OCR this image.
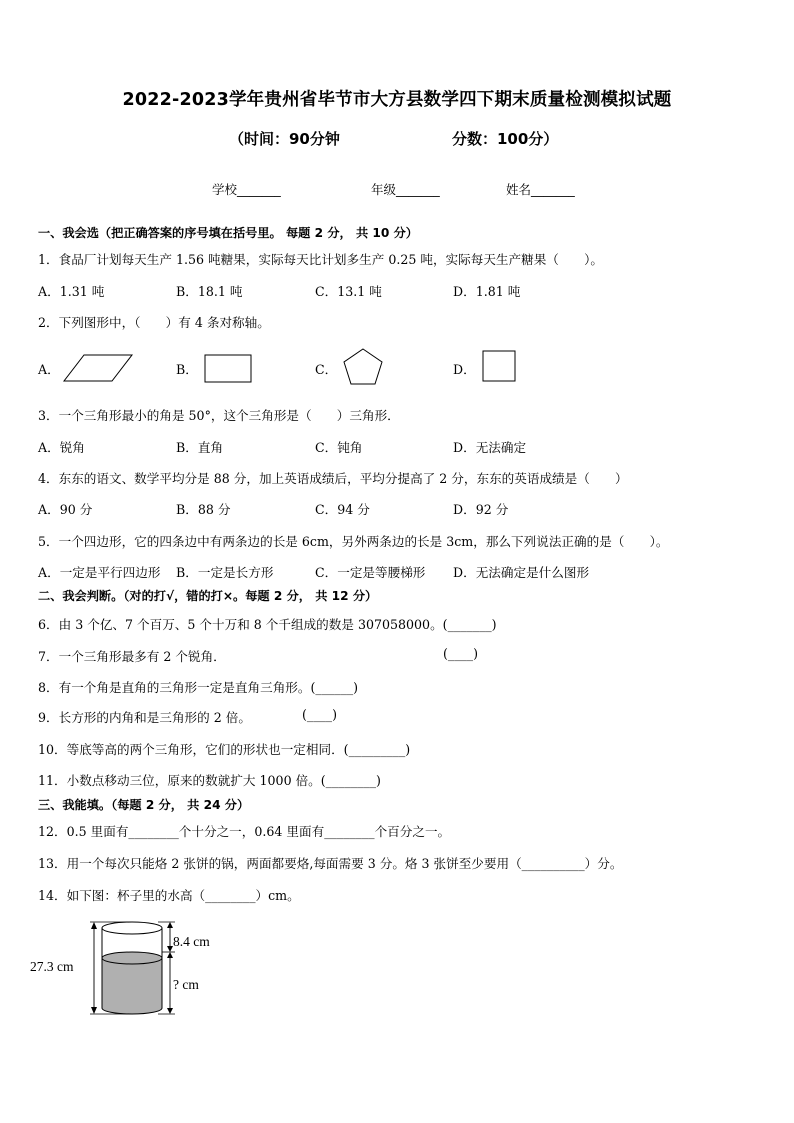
2022-2023学年贵州省毕节市大方县数学四下期末质量检测模拟试题
（时间：90分钟	分数：100分）
学校_______	年级_______	姓名_______
一、我会选（把正确答案的序号填在括号里。 每题 2 分， 共 10 分）
1．食品厂计划每天生产 1.56 吨糖果，实际每天比计划多生产 0.25 吨，实际每天生产糖果（　　）。
A．1.31 吨	B．18.1 吨	C．13.1 吨	D．1.81 吨
2．下列图形中，（　　）有 4 条对称轴。
A．	B．	C．	D．
3．一个三角形最小的角是 50°，这个三角形是（　　）三角形．
A．锐角	B．直角	C．钝角	D．无法确定
4．东东的语文、数学平均分是 88 分，加上英语成绩后，平均分提高了 2 分，东东的英语成绩是（　　）
A．90 分	B．88 分	C．94 分	D．92 分
5．一个四边形，它的四条边中有两条边的长是 6cm，另外两条边的长是 3cm，那么下列说法正确的是（　　）。
A．一定是平行四边形 B．一定是长方形	C．一定是等腰梯形 D．无法确定是什么图形
二、我会判断。（对的打√，错的打×。每题 2 分， 共 12 分）
6．由 3 个亿、7 个百万、5 个十万和 8 个千组成的数是 307058000。(_______)
7．一个三角形最多有 2 个锐角．	(____)
8．有一个角是直角的三角形一定是直角三角形。(______)
9．长方形的内角和是三角形的 2 倍。	(____)
10．等底等高的两个三角形，它们的形状也一定相同．(_________)
11．小数点移动三位，原来的数就扩大 1000 倍。(________)
三、我能填。（每题 2 分， 共 24 分）
12．0.5 里面有________个十分之一，0.64 里面有________个百分之一。
13．用一个每次只能烙 2 张饼的锅，两面都要烙,每面需要 3 分。烙 3 张饼至少要用（__________）分。
14．如下图：杯子里的水高（________）cm。
27.3 cm
8.4 cm
? cm
